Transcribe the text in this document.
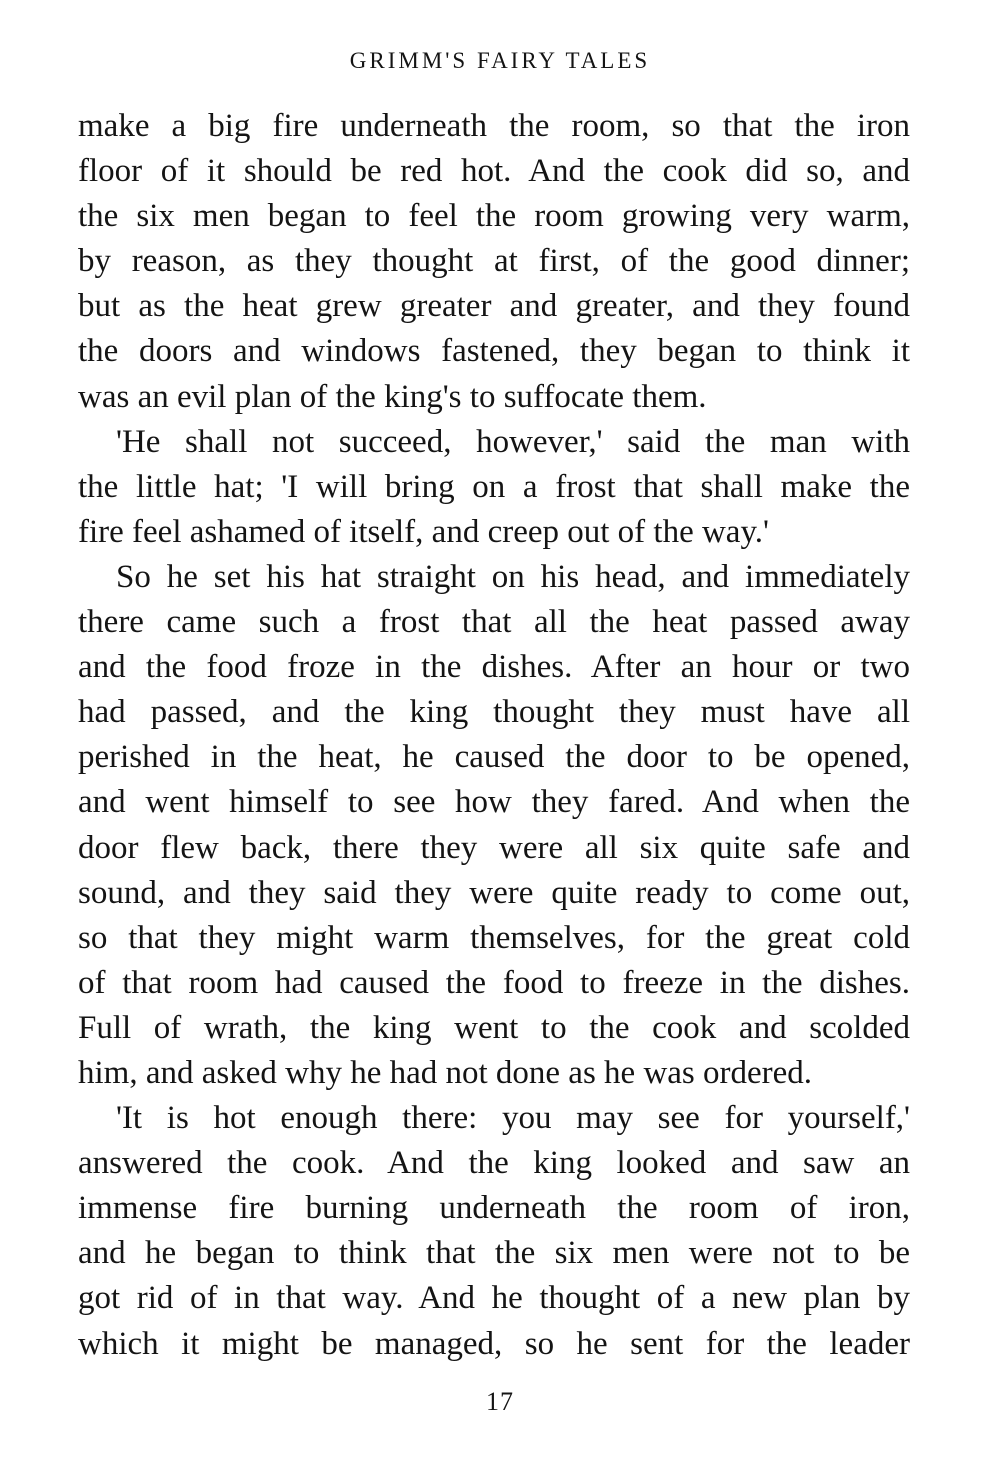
GRIMM'S FAIRY TALES
make a big fire underneath the room, so that the iron
floor of it should be red hot. And the cook did so, and
the six men began to feel the room growing very warm,
by reason, as they thought at first, of the good dinner;
but as the heat grew greater and greater, and they found
the doors and windows fastened, they began to think it
was an evil plan of the king's to suffocate them.
'He shall not succeed, however,' said the man with
the little hat; 'I will bring on a frost that shall make the
fire feel ashamed of itself, and creep out of the way.'
So he set his hat straight on his head, and immediately
there came such a frost that all the heat passed away
and the food froze in the dishes. After an hour or two
had passed, and the king thought they must have all
perished in the heat, he caused the door to be opened,
and went himself to see how they fared. And when the
door flew back, there they were all six quite safe and
sound, and they said they were quite ready to come out,
so that they might warm themselves, for the great cold
of that room had caused the food to freeze in the dishes.
Full of wrath, the king went to the cook and scolded
him, and asked why he had not done as he was ordered.
'It is hot enough there: you may see for yourself,'
answered the cook. And the king looked and saw an
immense fire burning underneath the room of iron,
and he began to think that the six men were not to be
got rid of in that way. And he thought of a new plan by
which it might be managed, so he sent for the leader
17
